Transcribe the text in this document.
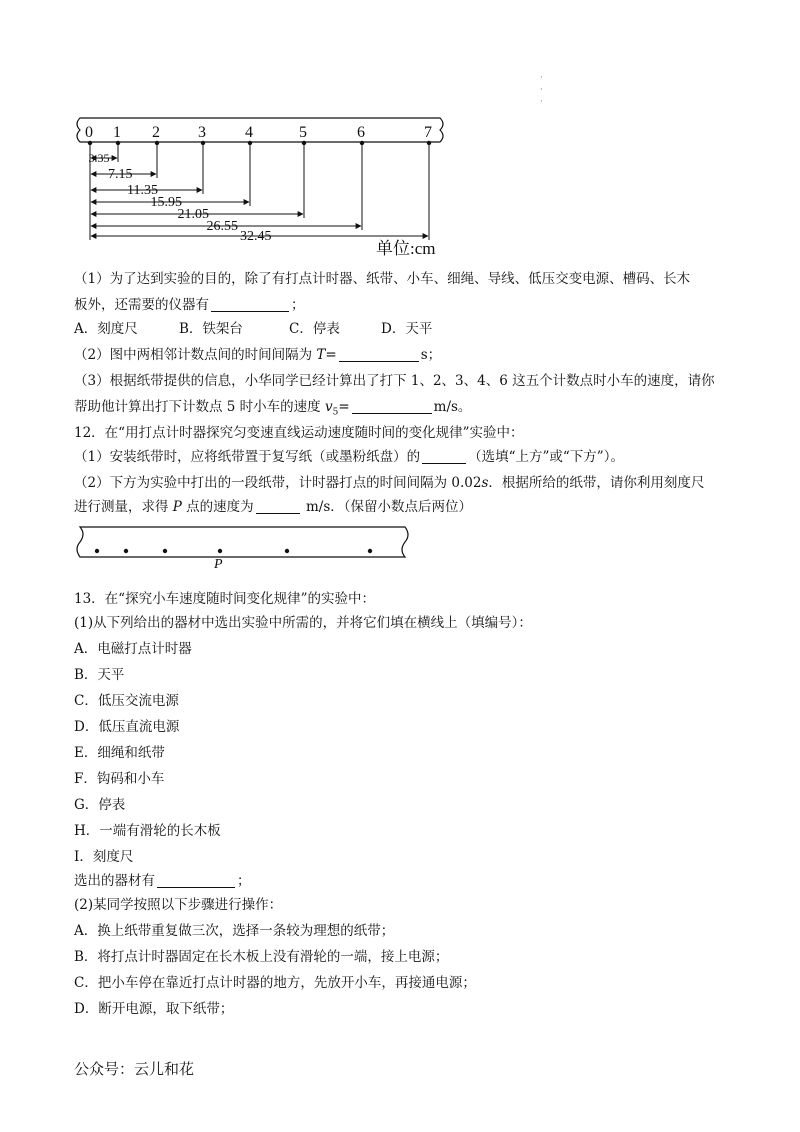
·
·
·
0 1 2 3 4	5	6	7
3.35
7.15
11.35
15.95
21.05
26.55
32.45
单位:cm
（1）为了达到实验的目的，除了有打点计时器、纸带、小车、细绳、导线、低压交变电源、槽码、长木
板外，还需要的仪器有	；
A．刻度尺	B．铁架台	C．停表	D．天平
（2）图中两相邻计数点间的时间间隔为 T=	s；
（3）根据纸带提供的信息，小华同学已经计算出了打下 1、2、3、4、6 这五个计数点时小车的速度，请你
帮助他计算出打下计数点 5 时小车的速度 $v_5=$	m/s。
12．在“用打点计时器探究匀变速直线运动速度随时间的变化规律”实验中：
（1）安装纸带时，应将纸带置于复写纸（或墨粉纸盘）的	（选填“上方”或“下方”）。
（2）下方为实验中打出的一段纸带，计时器打点的时间间隔为 0.02s．根据所给的纸带，请你利用刻度尺
进行测量，求得 P 点的速度为	m/s．（保留小数点后两位）
P
13．在“探究小车速度随时间变化规律”的实验中：
(1)从下列给出的器材中选出实验中所需的，并将它们填在横线上（填编号）：
A．电磁打点计时器
B．天平
C．低压交流电源
D．低压直流电源
E．细绳和纸带
F．钩码和小车
G．停表
H．一端有滑轮的长木板
I．刻度尺
选出的器材有	；
(2)某同学按照以下步骤进行操作：
A．换上纸带重复做三次，选择一条较为理想的纸带；
B．将打点计时器固定在长木板上没有滑轮的一端，接上电源；
C．把小车停在靠近打点计时器的地方，先放开小车，再接通电源；
D．断开电源，取下纸带；
公众号：云儿和花
